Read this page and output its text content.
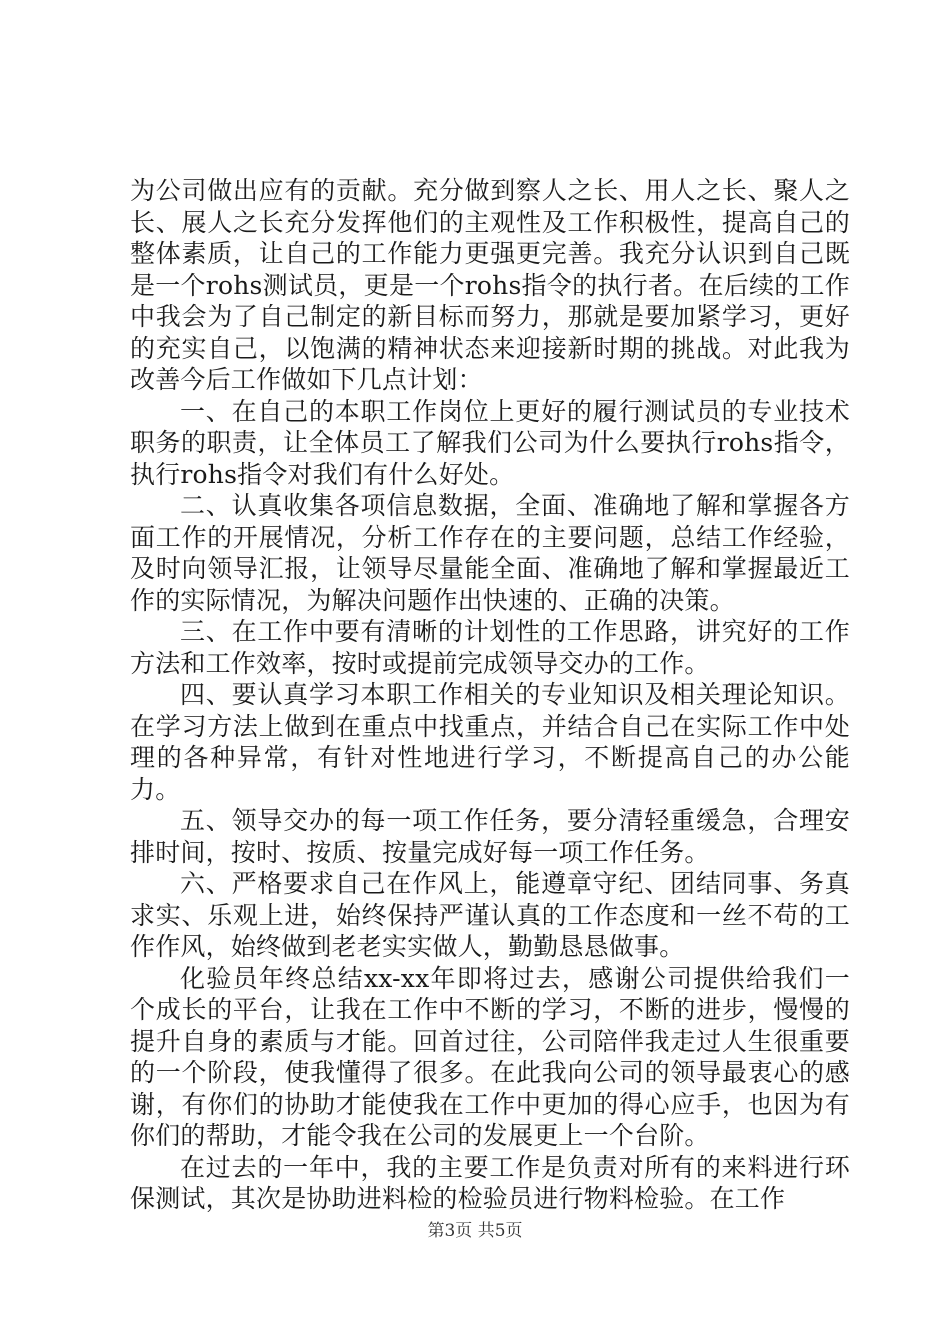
为公司做出应有的贡献。充分做到察人之长、用人之长、聚人之长、展人之长充分发挥他们的主观性及工作积极性，提高自己的整体素质，让自己的工作能力更强更完善。我充分认识到自己既是一个rohs测试员，更是一个rohs指令的执行者。在后续的工作中我会为了自己制定的新目标而努力，那就是要加紧学习，更好的充实自己，以饱满的精神状态来迎接新时期的挑战。对此我为改善今后工作做如下几点计划：

一、在自己的本职工作岗位上更好的履行测试员的专业技术职务的职责，让全体员工了解我们公司为什么要执行rohs指令，执行rohs指令对我们有什么好处。

二、认真收集各项信息数据，全面、准确地了解和掌握各方面工作的开展情况，分析工作存在的主要问题，总结工作经验，及时向领导汇报，让领导尽量能全面、准确地了解和掌握最近工作的实际情况，为解决问题作出快速的、正确的决策。

三、在工作中要有清晰的计划性的工作思路，讲究好的工作方法和工作效率，按时或提前完成领导交办的工作。

四、要认真学习本职工作相关的专业知识及相关理论知识。在学习方法上做到在重点中找重点，并结合自己在实际工作中处理的各种异常，有针对性地进行学习，不断提高自己的办公能力。

五、领导交办的每一项工作任务，要分清轻重缓急，合理安排时间，按时、按质、按量完成好每一项工作任务。

六、严格要求自己在作风上，能遵章守纪、团结同事、务真求实、乐观上进，始终保持严谨认真的工作态度和一丝不苟的工作作风，始终做到老老实实做人，勤勤恳恳做事。

化验员年终总结xx-xx年即将过去，感谢公司提供给我们一个成长的平台，让我在工作中不断的学习，不断的进步，慢慢的提升自身的素质与才能。回首过往，公司陪伴我走过人生很重要的一个阶段，使我懂得了很多。在此我向公司的领导最衷心的感谢，有你们的协助才能使我在工作中更加的得心应手，也因为有你们的帮助，才能令我在公司的发展更上一个台阶。

在过去的一年中，我的主要工作是负责对所有的来料进行环保测试，其次是协助进料检的检验员进行物料检验。在工作

第3页 共5页
